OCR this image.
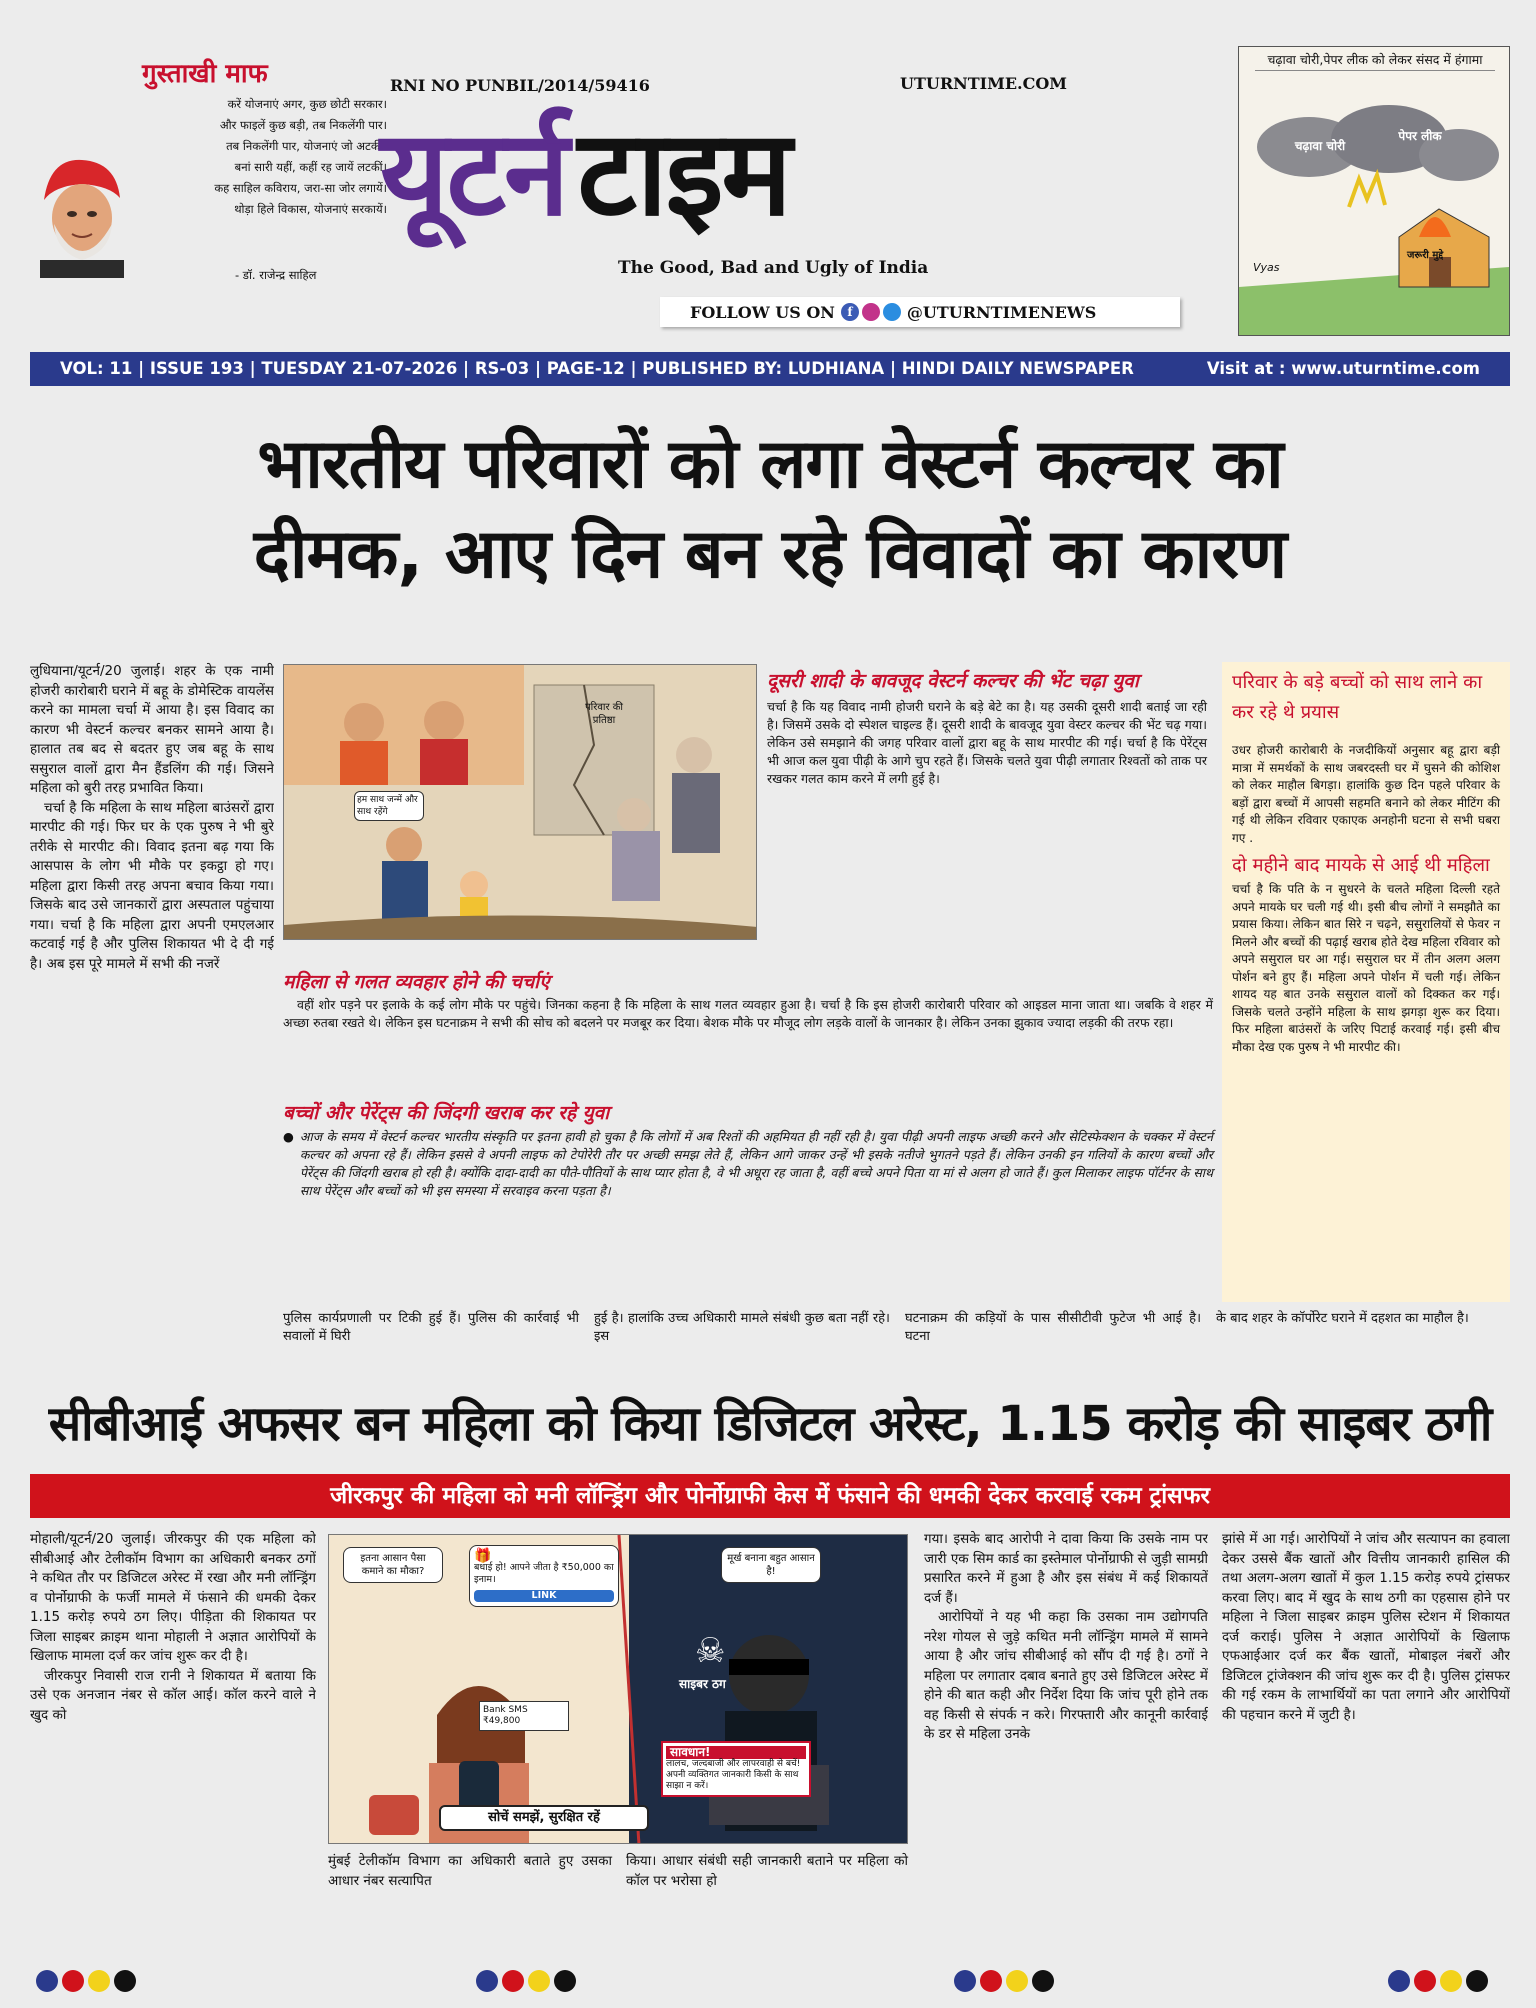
गुस्ताखी माफ
करें योजनाएं अगर, कुछ छोटी सरकार।
और फाइलें कुछ बड़ी, तब निकलेंगी पार।
तब निकलेंगी पार, योजनाएं जो अटकीं।
बनां सारी यहीं, कहीं रह जायें लटकीं।
कह साहिल कविराय, जरा-सा जोर लगायें।
थोड़ा हिले विकास, योजनाएं सरकायें।
- डॉ. राजेन्द्र साहिल
RNI NO PUNBIL/2014/59416	UTURNTIME.COM
यूटर्नटाइम
The Good, Bad and Ugly of India
FOLLOW US ON	f	@UTURNTIMENEWS
चढ़ावा चोरी,पेपर लीक को लेकर संसद में हंगामा
चढ़ावा चोरी
पेपर लीक
जरूरी मुद्दे
Vyas
VOL: 11 | ISSUE 193 | TUESDAY 21-07-2026 | RS-03 | PAGE-12 | PUBLISHED BY: LUDHIANA | HINDI DAILY NEWSPAPER	Visit at : www.uturntime.com
भारतीय परिवारों को लगा वेस्टर्न कल्चर का
दीमक, आए दिन बन रहे विवादों का कारण

लुधियाना/यूटर्न/20 जुलाई। शहर के एक नामी होजरी कारोबारी घराने में बहू के डोमेस्टिक वायलेंस करने का मामला चर्चा में आया है। इस विवाद का कारण भी वेस्टर्न कल्चर बनकर सामने आया है। हालात तब बद से बदतर हुए जब बहू के साथ ससुराल वालों द्वारा मैन हैंडलिंग की गई। जिसने महिला को बुरी तरह प्रभावित किया।

चर्चा है कि महिला के साथ महिला बाउंसरों द्वारा मारपीट की गई। फिर घर के एक पुरुष ने भी बुरे तरीके से मारपीट की। विवाद इतना बढ़ गया कि आसपास के लोग भी मौके पर इकट्ठा हो गए। महिला द्वारा किसी तरह अपना बचाव किया गया। जिसके बाद उसे जानकारों द्वारा अस्पताल पहुंचाया गया। चर्चा है कि महिला द्वारा अपनी एमएलआर कटवाई गई है और पुलिस शिकायत भी दे दी गई है। अब इस पूरे मामले में सभी की नजरें

परिवार की प्रतिष्ठा
हम साथ जन्में और साथ रहेंगे
दूसरी शादी के बावजूद वेस्टर्न कल्चर की भेंट चढ़ा युवा
चर्चा है कि यह विवाद नामी होजरी घराने के बड़े बेटे का है। यह उसकी दूसरी शादी बताई जा रही है। जिसमें उसके दो स्पेशल चाइल्ड हैं। दूसरी शादी के बावजूद युवा वेस्टर कल्चर की भेंट चढ़ गया। लेकिन उसे समझाने की जगह परिवार वालों द्वारा बहू के साथ मारपीट की गई। चर्चा है कि पेरेंट्स भी आज कल युवा पीढ़ी के आगे चुप रहते हैं। जिसके चलते युवा पीढ़ी लगातार रिश्वतों को ताक पर रखकर गलत काम करने में लगी हुई है।
परिवार के बड़े बच्चों को साथ लाने का कर रहे थे प्रयास
उधर होजरी कारोबारी के नजदीकियों अनुसार बहू द्वारा बड़ी मात्रा में समर्थकों के साथ जबरदस्ती घर में घुसने की कोशिश को लेकर माहौल बिगड़ा। हालांकि कुछ दिन पहले परिवार के बड़ों द्वारा बच्चों में आपसी सहमति बनाने को लेकर मीटिंग की गई थी लेकिन रविवार एकाएक अनहोनी घटना से सभी घबरा गए .
दो महीने बाद मायके से आई थी महिला
चर्चा है कि पति के न सुधरने के चलते महिला दिल्ली रहते अपने मायके घर चली गई थी। इसी बीच लोगों ने समझौते का प्रयास किया। लेकिन बात सिरे न चढ़ने, ससुरालियों से फेवर न मिलने और बच्चों की पढ़ाई खराब होते देख महिला रविवार को अपने ससुराल घर आ गई। ससुराल घर में तीन अलग अलग पोर्शन बने हुए हैं। महिला अपने पोर्शन में चली गई। लेकिन शायद यह बात उनके ससुराल वालों को दिक्कत कर गई। जिसके चलते उन्होंने महिला के साथ झगड़ा शुरू कर दिया। फिर महिला बाउंसरों के जरिए पिटाई करवाई गई। इसी बीच मौका देख एक पुरुष ने भी मारपीट की।
महिला से गलत व्यवहार होने की चर्चाएं
वहीं शोर पड़ने पर इलाके के कई लोग मौके पर पहुंचे। जिनका कहना है कि महिला के साथ गलत व्यवहार हुआ है। चर्चा है कि इस होजरी कारोबारी परिवार को आइडल माना जाता था। जबकि वे शहर में अच्छा रुतबा रखते थे। लेकिन इस घटनाक्रम ने सभी की सोच को बदलने पर मजबूर कर दिया। बेशक मौके पर मौजूद लोग लड़के वालों के जानकार है। लेकिन उनका झुकाव ज्यादा लड़की की तरफ रहा।
बच्चों और पेरेंट्स की जिंदगी खराब कर रहे युवा
● आज के समय में वेस्टर्न कल्चर भारतीय संस्कृति पर इतना हावी हो चुका है कि लोगों में अब रिश्तों की अहमियत ही नहीं रही है। युवा पीढ़ी अपनी लाइफ अच्छी करने और सेटिस्फेक्शन के चक्कर में वेस्टर्न कल्चर को अपना रहे हैं। लेकिन इससे वे अपनी लाइफ को टेपोरेरी तौर पर अच्छी समझ लेते हैं, लेकिन आगे जाकर उन्हें भी इसके नतीजे भुगतने पड़ते हैं। लेकिन उनकी इन गलियों के कारण बच्चों और पेरेंट्स की जिंदगी खराब हो रही है। क्योंकि दादा-दादी का पौते-पौतियों के साथ प्यार होता है, वे भी अधूरा रह जाता है, वहीं बच्चे अपने पिता या मां से अलग हो जाते हैं। कुल मिलाकर लाइफ पॉर्टनर के साथ साथ पेरेंट्स और बच्चों को भी इस समस्या में सरवाइव करना पड़ता है।
पुलिस कार्यप्रणाली पर टिकी हुई हैं। पुलिस की कार्रवाई भी सवालों में घिरी
हुई है। हालांकि उच्च अधिकारी मामले संबंधी कुछ बता नहीं रहे। इस
घटनाक्रम की कड़ियों के पास सीसीटीवी फुटेज भी आई है। घटना
के बाद शहर के कॉर्पोरेट घराने में दहशत का माहौल है।
सीबीआई अफसर बन महिला को किया डिजिटल अरेस्ट, 1.15 करोड़ की साइबर ठगी
जीरकपुर की महिला को मनी लॉन्ड्रिंग और पोर्नोग्राफी केस में फंसाने की धमकी देकर करवाई रकम ट्रांसफर

मोहाली/यूटर्न/20 जुलाई। जीरकपुर की एक महिला को सीबीआई और टेलीकॉम विभाग का अधिकारी बनकर ठगों ने कथित तौर पर डिजिटल अरेस्ट में रखा और मनी लॉन्ड्रिंग व पोर्नोग्राफी के फर्जी मामले में फंसाने की धमकी देकर 1.15 करोड़ रुपये ठग लिए। पीड़िता की शिकायत पर जिला साइबर क्राइम थाना मोहाली ने अज्ञात आरोपियों के खिलाफ मामला दर्ज कर जांच शुरू कर दी है।

जीरकपुर निवासी राज रानी ने शिकायत में बताया कि उसे एक अनजान नंबर से कॉल आई। कॉल करने वाले ने खुद को

इतना आसान पैसा कमाने का मौका?
🎁
बधाई हो! आपने जीता है ₹50,000 का इनाम।
LINK
मूर्ख बनाना बहुत आसान है!
Bank SMS ₹49,800
☠
साइबर ठग
सावधान!
लालच, जल्दबाजी और लापरवाही से बचें! अपनी व्यक्तिगत जानकारी किसी के साथ साझा न करें।
सोचें समझें, सुरक्षित रहें
मुंबई टेलीकॉम विभाग का अधिकारी बताते हुए उसका आधार नंबर सत्यापित
किया। आधार संबंधी सही जानकारी बताने पर महिला को कॉल पर भरोसा हो

गया। इसके बाद आरोपी ने दावा किया कि उसके नाम पर जारी एक सिम कार्ड का इस्तेमाल पोर्नोग्राफी से जुड़ी सामग्री प्रसारित करने में हुआ है और इस संबंध में कई शिकायतें दर्ज हैं।

आरोपियों ने यह भी कहा कि उसका नाम उद्योगपति नरेश गोयल से जुड़े कथित मनी लॉन्ड्रिंग मामले में सामने आया है और जांच सीबीआई को सौंप दी गई है। ठगों ने महिला पर लगातार दबाव बनाते हुए उसे डिजिटल अरेस्ट में होने की बात कही और निर्देश दिया कि जांच पूरी होने तक वह किसी से संपर्क न करे। गिरफ्तारी और कानूनी कार्रवाई के डर से महिला उनके

झांसे में आ गई। आरोपियों ने जांच और सत्यापन का हवाला देकर उससे बैंक खातों और वित्तीय जानकारी हासिल की तथा अलग-अलग खातों में कुल 1.15 करोड़ रुपये ट्रांसफर करवा लिए। बाद में खुद के साथ ठगी का एहसास होने पर महिला ने जिला साइबर क्राइम पुलिस स्टेशन में शिकायत दर्ज कराई। पुलिस ने अज्ञात आरोपियों के खिलाफ एफआईआर दर्ज कर बैंक खातों, मोबाइल नंबरों और डिजिटल ट्रांजेक्शन की जांच शुरू कर दी है। पुलिस ट्रांसफर की गई रकम के लाभार्थियों का पता लगाने और आरोपियों की पहचान करने में जुटी है।
